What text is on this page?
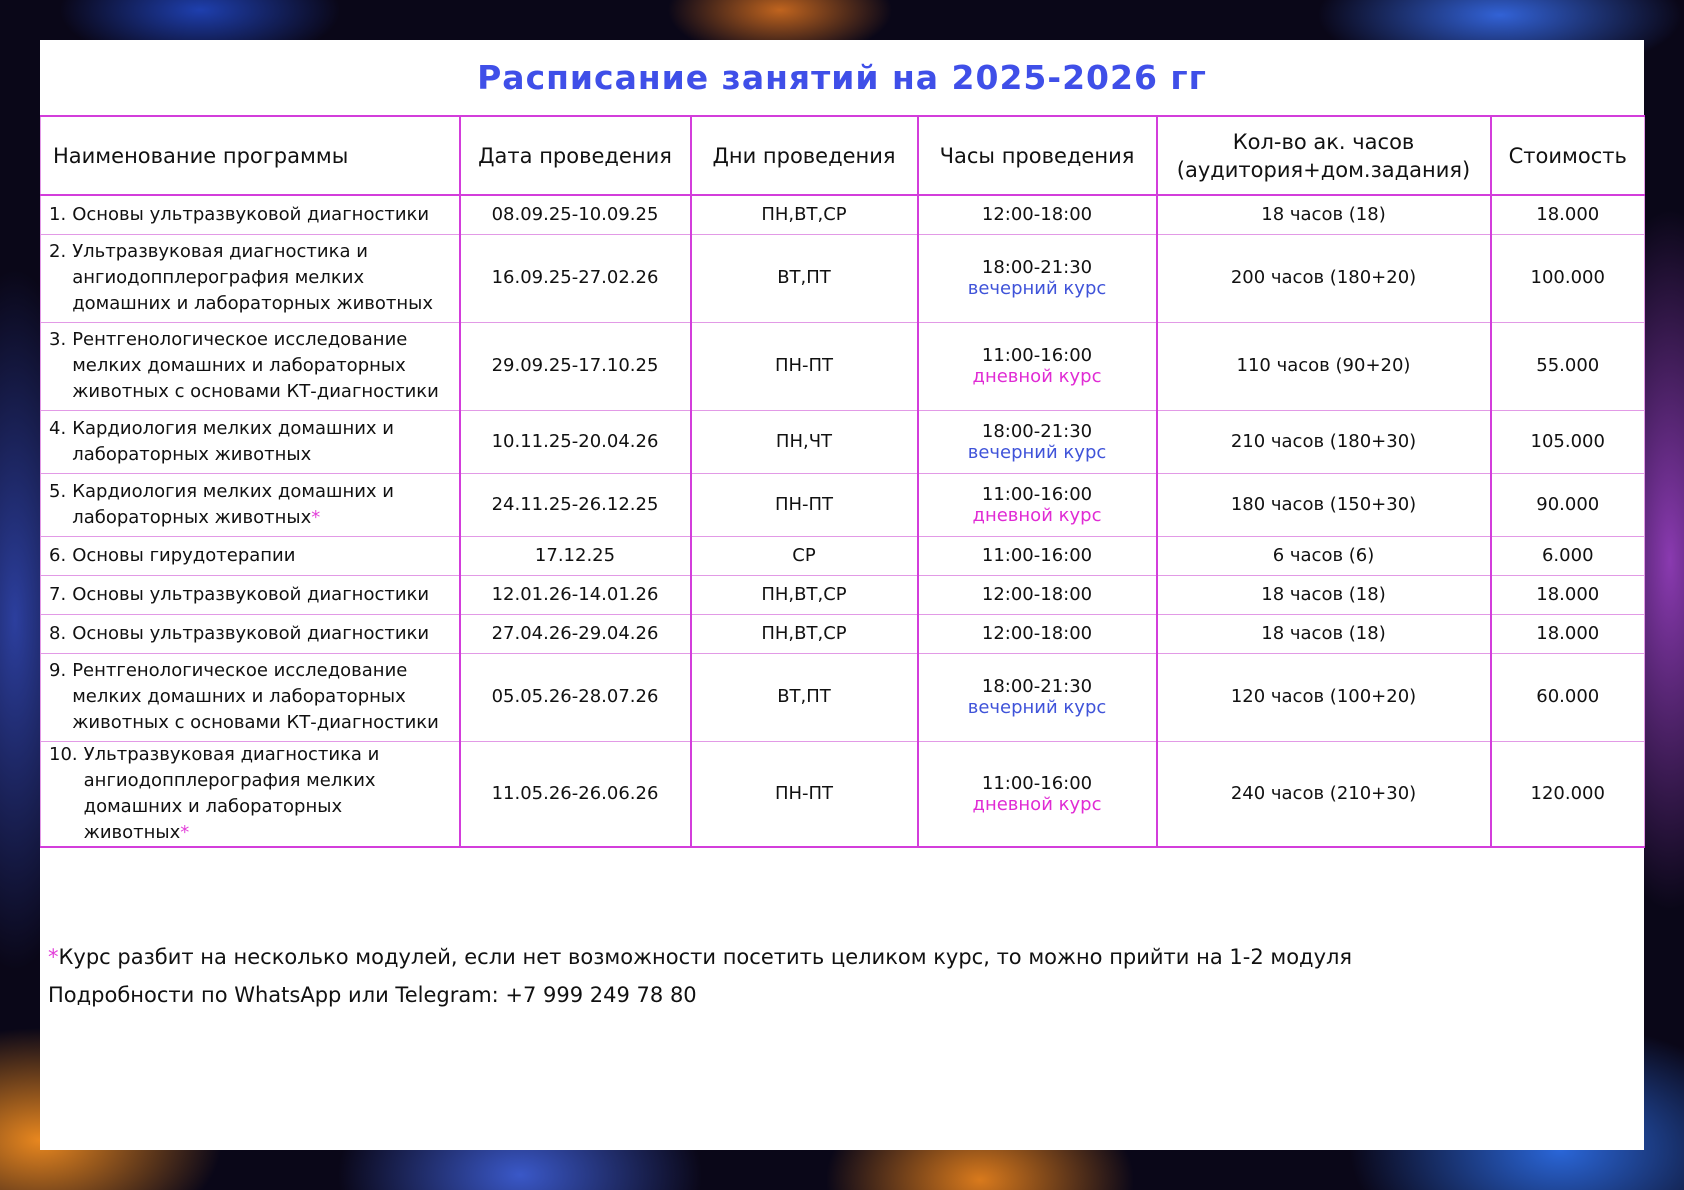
Расписание занятий на 2025-2026 гг
Наименование программы	Дата проведения	Дни проведения	Часы проведения	Кол-во ак. часов
(аудитория+дом.задания)	Стоимость

1. Основы ультразвуковой диагностики	08.09.25-10.09.25	ПН,ВТ,СР	12:00-18:00	18 часов (18)	18.000

2. Ультразвуковая диагностика и ангиодопплерография мелких домашних и лабораторных животных	16.09.25-27.02.26	ВТ,ПТ	18:00-21:30
вечерний курс	200 часов (180+20)	100.000

3. Рентгенологическое исследование мелких домашних и лабораторных животных с основами КТ-диагностики	29.09.25-17.10.25	ПН-ПТ	11:00-16:00
дневной курс	110 часов (90+20)	55.000

4. Кардиология мелких домашних и лабораторных животных	10.11.25-20.04.26	ПН,ЧТ	18:00-21:30
вечерний курс	210 часов (180+30)	105.000

5. Кардиология мелких домашних и лабораторных животных*	24.11.25-26.12.25	ПН-ПТ	11:00-16:00
дневной курс	180 часов (150+30)	90.000

6. Основы гирудотерапии	17.12.25	СР	11:00-16:00	6 часов (6)	6.000

7. Основы ультразвуковой диагностики	12.01.26-14.01.26	ПН,ВТ,СР	12:00-18:00	18 часов (18)	18.000

8. Основы ультразвуковой диагностики	27.04.26-29.04.26	ПН,ВТ,СР	12:00-18:00	18 часов (18)	18.000

9. Рентгенологическое исследование мелких домашних и лабораторных животных с основами КТ-диагностики	05.05.26-28.07.26	ВТ,ПТ	18:00-21:30
вечерний курс	120 часов (100+20)	60.000

10. Ультразвуковая диагностика и ангиодопплерография мелких домашних и лабораторных животных*	11.05.26-26.06.26	ПН-ПТ	11:00-16:00
дневной курс	240 часов (210+30)	120.000
*Курс разбит на несколько модулей, если нет возможности посетить целиком курс, то можно прийти на 1-2 модуля
Подробности по WhatsApp или Telegram: +7 999 249 78 80
